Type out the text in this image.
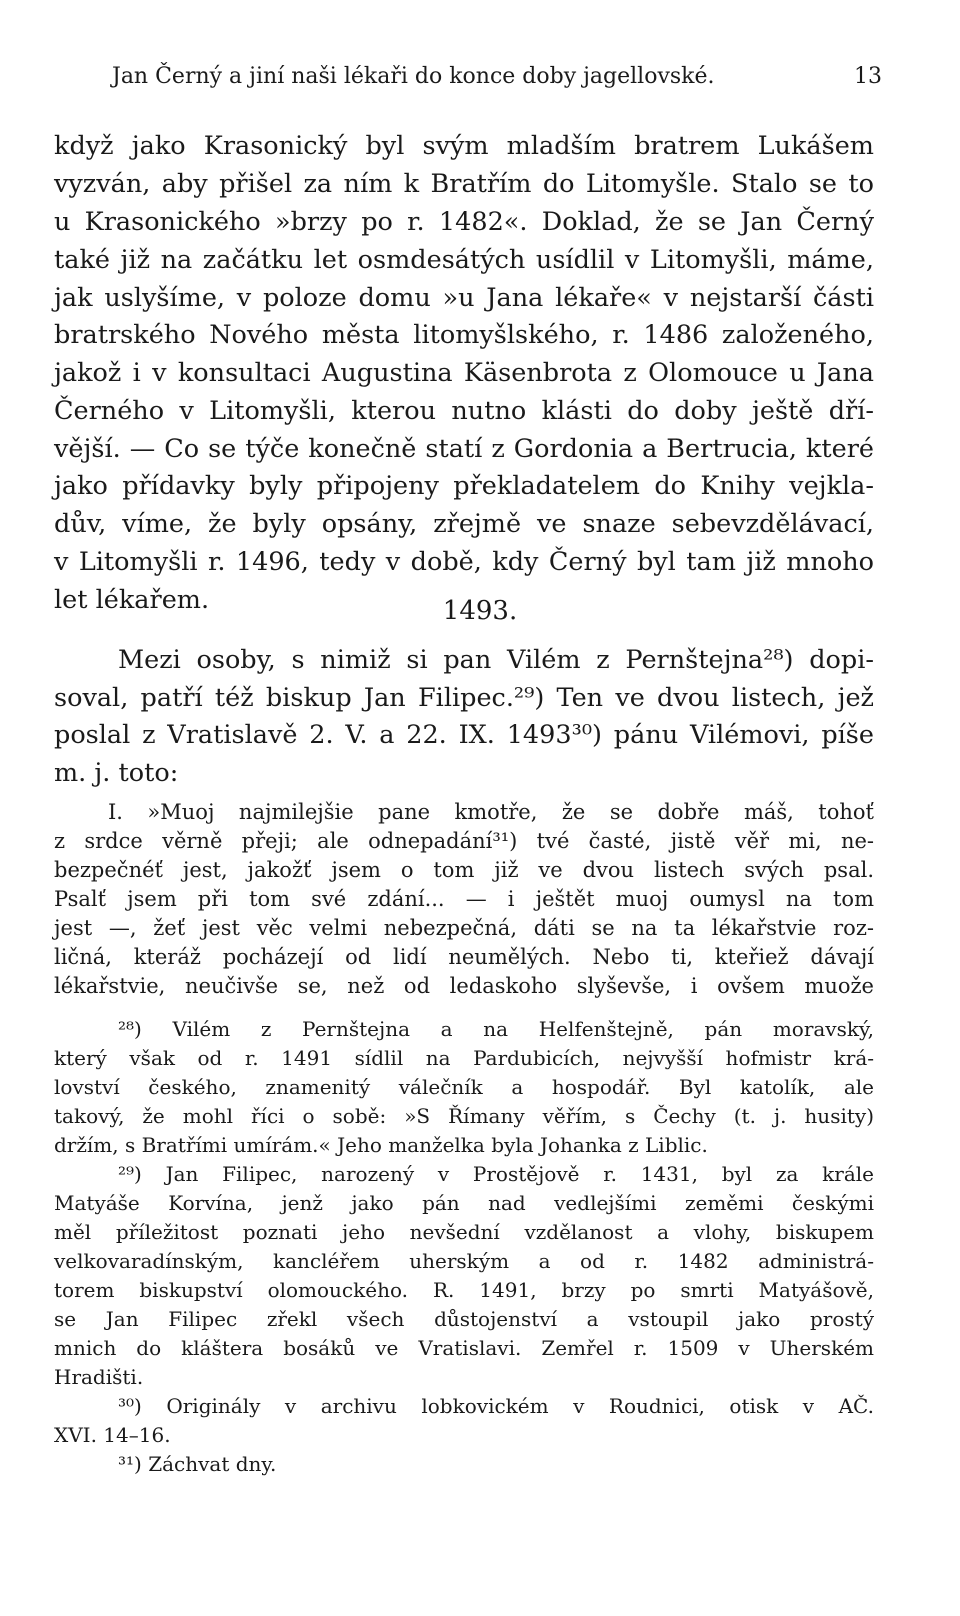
Jan Černý a jiní naši lékaři do konce doby jagellovské.	13
když jako Krasonický byl svým mladším bratrem Lukášem
vyzván, aby přišel za ním k Bratřím do Litomyšle. Stalo se to
u Krasonického »brzy po r. 1482«. Doklad, že se Jan Černý
také již na začátku let osmdesátých usídlil v Litomyšli, máme,
jak uslyšíme, v poloze domu »u Jana lékaře« v nejstarší části
bratrského Nového města litomyšlského, r. 1486 založeného,
jakož i v konsultaci Augustina Käsenbrota z Olomouce u Jana
Černého v Litomyšli, kterou nutno klásti do doby ještě dří-
vější. — Co se týče konečně statí z Gordonia a Bertrucia, které
jako přídavky byly připojeny překladatelem do Knihy vejkla-
dův, víme, že byly opsány, zřejmě ve snaze sebevzdělávací,
v Litomyšli r. 1496, tedy v době, kdy Černý byl tam již mnoho
let lékařem.	1493.
Mezi osoby, s nimiž si pan Vilém z Pernštejna²⁸) dopi-
soval, patří též biskup Jan Filipec.²⁹) Ten ve dvou listech, jež
poslal z Vratislavě 2. V. a 22. IX. 1493³⁰) pánu Vilémovi, píše
m. j. toto:
I. »Muoj najmilejšie pane kmotře, že se dobře máš, tohoť
z srdce věrně přeji; ale odnepadání³¹) tvé časté, jistě věř mi, ne-
bezpečnéť jest, jakožť jsem o tom již ve dvou listech svých psal.
Psalť jsem při tom své zdání... — i ještět muoj oumysl na tom
jest —, žeť jest věc velmi nebezpečná, dáti se na ta lékařstvie roz-
ličná, kteráž pocházejí od lidí neumělých. Nebo ti, kteřiež dávají
lékařstvie, neučivše se, než od ledaskoho slyševše, i ovšem muože
²⁸) Vilém z Pernštejna a na Helfenštejně, pán moravský,
který však od r. 1491 sídlil na Pardubicích, nejvyšší hofmistr krá-
lovství českého, znamenitý válečník a hospodář. Byl katolík, ale
takový, že mohl říci o sobě: »S Římany věřím, s Čechy (t. j. husity)
držím, s Bratřími umírám.« Jeho manželka byla Johanka z Liblic.
²⁹) Jan Filipec, narozený v Prostějově r. 1431, byl za krále
Matyáše Korvína, jenž jako pán nad vedlejšími zeměmi českými
měl příležitost poznati jeho nevšední vzdělanost a vlohy, biskupem
velkovaradínským, kancléřem uherským a od r. 1482 administrá-
torem biskupství olomouckého. R. 1491, brzy po smrti Matyášově,
se Jan Filipec zřekl všech důstojenství a vstoupil jako prostý
mnich do kláštera bosáků ve Vratislavi. Zemřel r. 1509 v Uherském
Hradišti.
³⁰) Originály v archivu lobkovickém v Roudnici, otisk v AČ.
XVI. 14–16.
³¹) Záchvat dny.
